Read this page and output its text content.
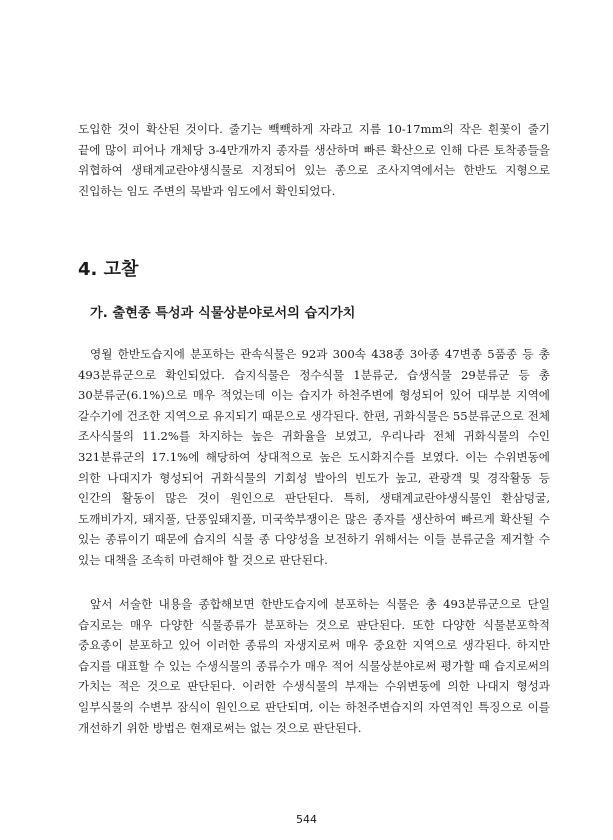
도입한 것이 확산된 것이다. 줄기는 빽빽하게 자라고 지름 10-17mm의 작은 흰꽃이 줄기 끝에 많이 피어나 개체당 3-4만개까지 종자를 생산하며 빠른 확산으로 인해 다른 토착종들을 위협하여 생태계교란야생식물로 지정되어 있는 종으로 조사지역에서는 한반도 지형으로 진입하는 임도 주변의 묵밭과 임도에서 확인되었다.

4. 고찰
가. 출현종 특성과 식물상분야로서의 습지가치

영월 한반도습지에 분포하는 관속식물은 92과 300속 438종 3아종 47변종 5품종 등 총 493분류군으로 확인되었다. 습지식물은 정수식물 1분류군, 습생식물 29분류군 등 총 30분류군(6.1%)으로 매우 적었는데 이는 습지가 하천주변에 형성되어 있어 대부분 지역에 갈수기에 건조한 지역으로 유지되기 때문으로 생각된다. 한편, 귀화식물은 55분류군으로 전체 조사식물의 11.2%를 차지하는 높은 귀화율을 보였고, 우리나라 전체 귀화식물의 수인 321분류군의 17.1%에 해당하여 상대적으로 높은 도시화지수를 보였다. 이는 수위변동에 의한 나대지가 형성되어 귀화식물의 기회성 발아의 빈도가 높고, 관광객 및 경작활동 등 인간의 활동이 많은 것이 원인으로 판단된다. 특히, 생태계교란야생식물인 환삼덩굴, 도깨비가지, 돼지풀, 단풍잎돼지풀, 미국쑥부쟁이은 많은 종자를 생산하여 빠르게 확산될 수 있는 종류이기 때문에 습지의 식물 종 다양성을 보전하기 위해서는 이들 분류군을 제거할 수 있는 대책을 조속히 마련해야 할 것으로 판단된다.

앞서 서술한 내용을 종합해보면 한반도습지에 분포하는 식물은 총 493분류군으로 단일 습지로는 매우 다양한 식물종류가 분포하는 것으로 판단된다. 또한 다양한 식물분포학적 중요종이 분포하고 있어 이러한 종류의 자생지로써 매우 중요한 지역으로 생각된다. 하지만 습지를 대표할 수 있는 수생식물의 종류수가 매우 적어 식물상분야로써 평가할 때 습지로써의 가치는 적은 것으로 판단된다. 이러한 수생식물의 부재는 수위변동에 의한 나대지 형성과 일부식물의 수변부 잠식이 원인으로 판단되며, 이는 하천주변습지의 자연적인 특징으로 이를 개선하기 위한 방법은 현재로써는 없는 것으로 판단된다.

544
